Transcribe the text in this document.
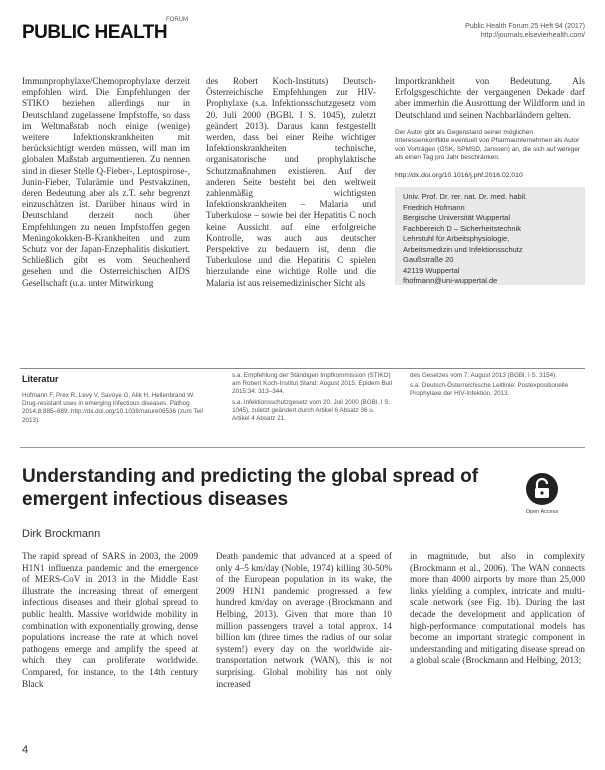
PUBLIC HEALTH
FORUM
Public Health Forum 25 Heft 94 (2017)
http://journals.elsevierhealth.com/

Immunprophylaxe/Chemoprophylaxe derzeit empfohlen wird. Die Empfehlungen der STIKO beziehen allerdings nur in Deutschland zugelassene Impfstoffe, so dass im Weltmaßstab noch einige (wenige) weitere Infektionskrankheiten mit berücksichtigt werden müssen, will man im globalen Maßstab argumentieren. Zu nennen sind in dieser Stelle Q-Fieber-, Leptospirose-, Junin-Fieber, Tularämie und Pestvakzinen, deren Bedeutung aber als z.T. sehr begrenzt einzuschätzen ist. Darüber hinaus wird in Deutschland derzeit noch über Empfehlungen zu neuen Impfstoffen gegen Meningokokken-B-Krankheiten und zum Schutz vor der Japan-Enzephalitis diskutiert. Schließlich gibt es vom Seuchenherd gesehen und die Osterreichischen AIDS Gesellschaft (u.a. unter Mitwirkung

des Robert Koch-Instituts) Deutsch-Österreichische Empfehlungen zur HIV-Prophylaxe (s.a. Infektionsschutzgesetz vom 20. Juli 2000 (BGBl. I S. 1045), zuletzt geändert 2013). Daraus kann festgestellt werden, dass bei einer Reihe wichtiger Infektionskrankheiten technische, organisatorische und prophylaktische Schutzmaßnahmen existieren. Auf der anderen Seite besteht bei den weltweit zahlenmäßig wichtigsten Infektionskrankheiten – Malaria und Tuberkulose – sowie bei der Hepatitis C noch keine Aussicht auf eine erfolgreiche Kontrolle, was auch aus deutscher Perspektive zu bedauern ist, denn die Tuberkulose und die Hepatitis C spielen hierzulande eine wichtige Rolle und die Malaria ist aus reisemedizinischer Sicht als

Importkrankheit von Bedeutung. Als Erfolgsgeschichte der vergangenen Dekade darf aber immerhin die Ausrottung der Wildform und in Deutschland und seinen Nachbarländern gelten.

Der Autor gibt als Gegenstand seiner möglichen Interessenkonflikte eventuell von Pharmaunternehmen als Autor von Vorträgen (GSK, SPMSD, Janssen) an, die sich auf weniger als einen Tag pro Jahr beschränken.

http://dx.doi.org/10.1016/j.phf.2016.02.010
Univ. Prof. Dr. rer. nat. Dr. med. habil.
Friedrich Hofmann
Bergische Universität Wuppertal
Fachbereich D – Sicherheitstechnik
Lehrstuhl für Arbeitsphysiologie,
Arbeitsmedizin und Infektionsschutz
Gaußstraße 20
42119 Wuppertal
fhofmann@uni-wuppertal.de
Literatur

Hofmann F, Prex R, Levy V, Savoye G, Alik H, Hellenbrand W. Drug-resistant uses in emerging infectious diseases. Pathog 2014;8:885–889. http://dx.doi.org/10.1038/nature06536 (zum Teil 2013).

s.a. Empfehlung der Ständigen Impfkommission (STIKO) am Robert Koch-Institut Stand: August 2015. Epidem Bull 2015;34: 313–344.

s.a. Infektionsschutzgesetz vom 20. Juli 2000 (BGBl. I S. 1045), zuletzt geändert durch Artikel 6 Absatz 36 u. Artikel 4 Absatz 21.

des Gesetzes vom 7. August 2013 (BGBl. I S. 3154).

s.a. Deutsch-Österreichische Leitlinie: Postexpositionelle Prophylaxe der HIV-Infektion, 2013.

Understanding and predicting the global spread of emergent infectious diseases
Open Access
Dirk Brockmann

The rapid spread of SARS in 2003, the 2009 H1N1 influenza pandemic and the emergence of MERS-CoV in 2013 in the Middle East illustrate the increasing threat of emergent infectious diseases and their global spread to public health. Massive worldwide mobility in combination with exponentially growing, dense populations increase the rate at which novel pathogens emerge and amplify the speed at which they can proliferate worldwide. Compared, for instance, to the 14th century Black

Death pandemic that advanced at a speed of only 4–5 km/day (Noble, 1974) killing 30-50% of the European population in its wake, the 2009 H1N1 pandemic progressed a few hundred km/day on average (Brockmann and Helbing, 2013). Given that more than 10 million passengers travel a total approx. 14 billion km (three times the radius of our solar system!) every day on the worldwide air-transportation network (WAN), this is not surprising. Global mobility has not only increased

in magnitude, but also in complexity (Brockmann et al., 2006). The WAN connects more than 4000 airports by more than 25,000 links yielding a complex, intricate and multi-scale network (see Fig. 1b). During the last decade the development and application of high-performance computational models has become an important strategic component in understanding and mitigating disease spread on a global scale (Brockmann and Helbing, 2013;

4
